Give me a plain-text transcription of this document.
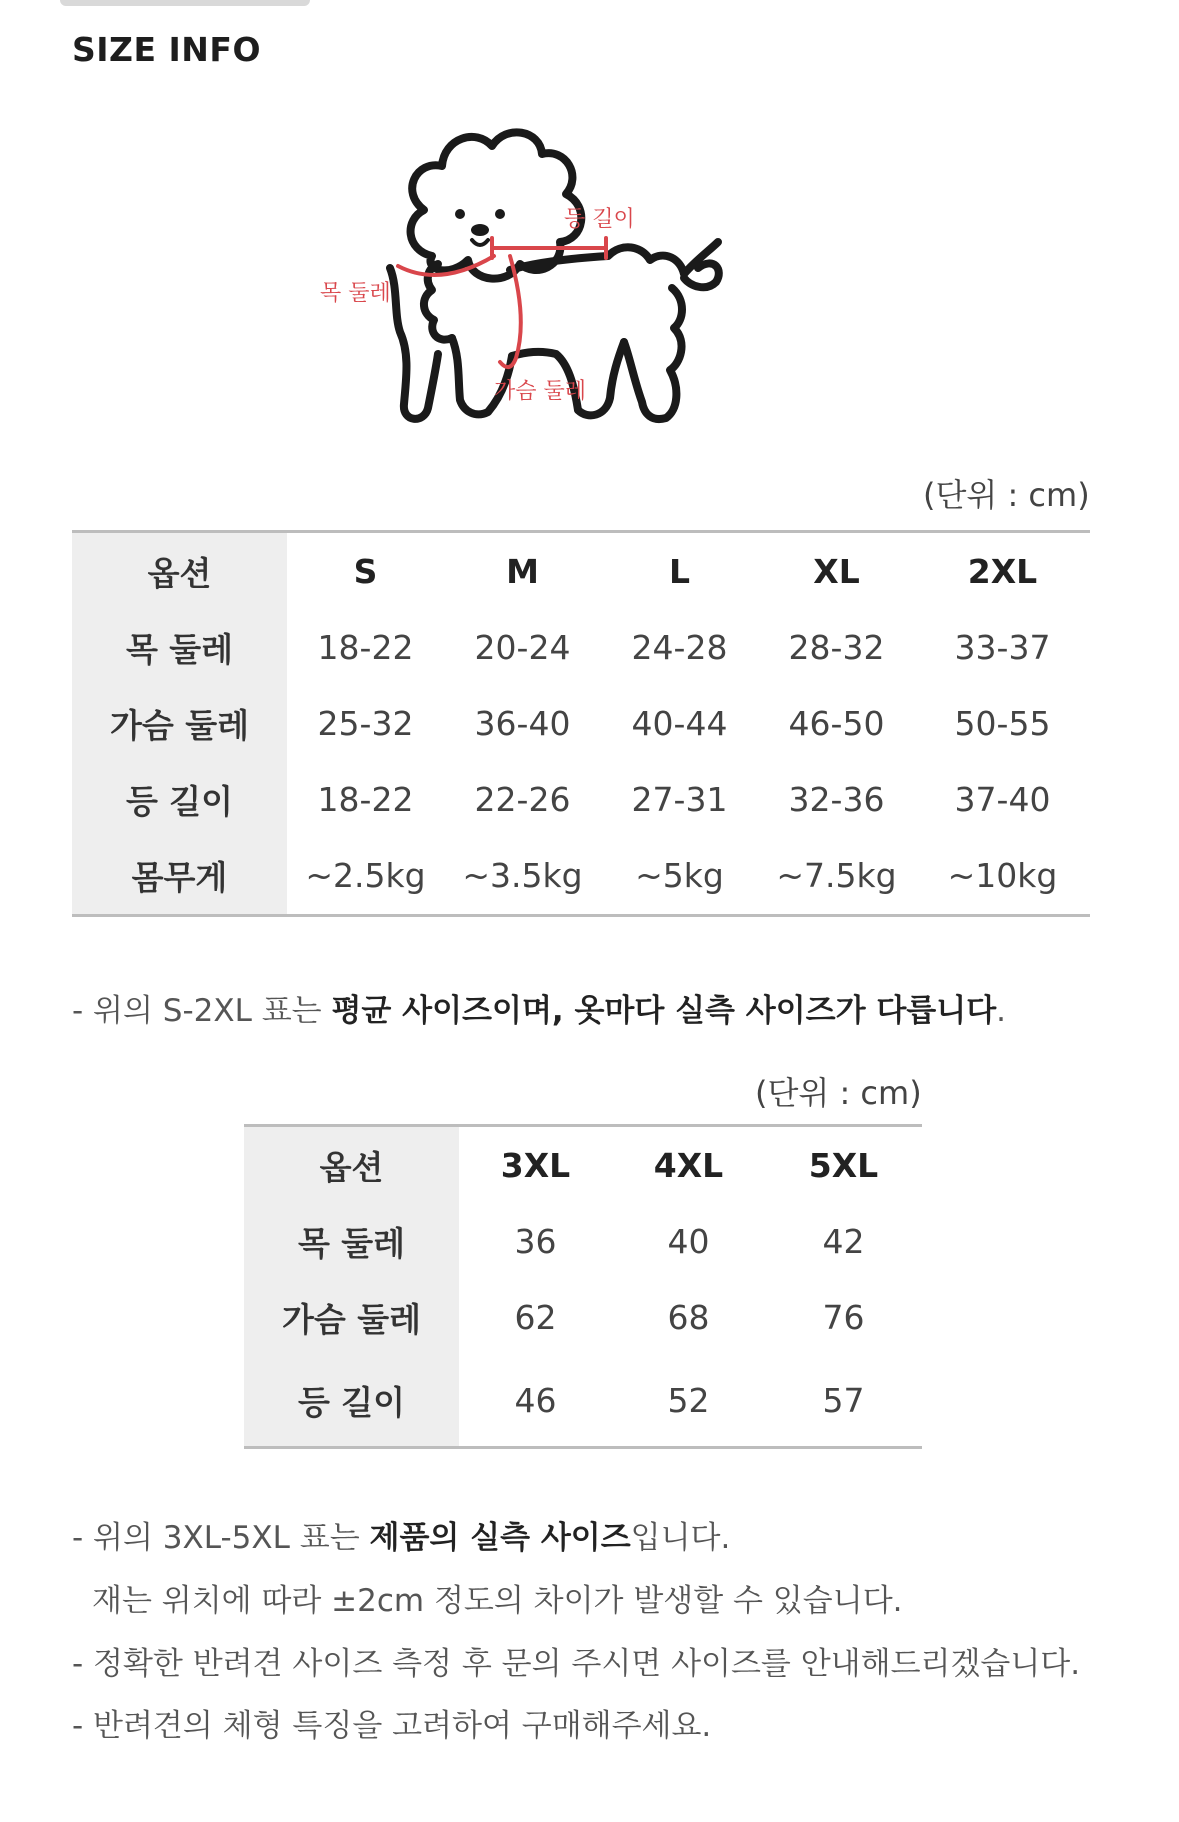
SIZE INFO
등 길이
목 둘레
가슴 둘레
(단위 : cm)
옵션	S	M	L	XL	2XL
목 둘레	18-22	20-24	24-28	28-32	33-37
가슴 둘레	25-32	36-40	40-44	46-50	50-55
등 길이	18-22	22-26	27-31	32-36	37-40
몸무게	~2.5kg	~3.5kg	~5kg	~7.5kg	~10kg
- 위의 S-2XL 표는 평균 사이즈이며, 옷마다 실측 사이즈가 다릅니다.
(단위 : cm)
옵션	3XL	4XL	5XL
목 둘레	36	40	42
가슴 둘레	62	68	76
등 길이	46	52	57
- 위의 3XL-5XL 표는 제품의 실측 사이즈입니다.
재는 위치에 따라 ±2cm 정도의 차이가 발생할 수 있습니다.
- 정확한 반려견 사이즈 측정 후 문의 주시면 사이즈를 안내해드리겠습니다.
- 반려견의 체형 특징을 고려하여 구매해주세요.
